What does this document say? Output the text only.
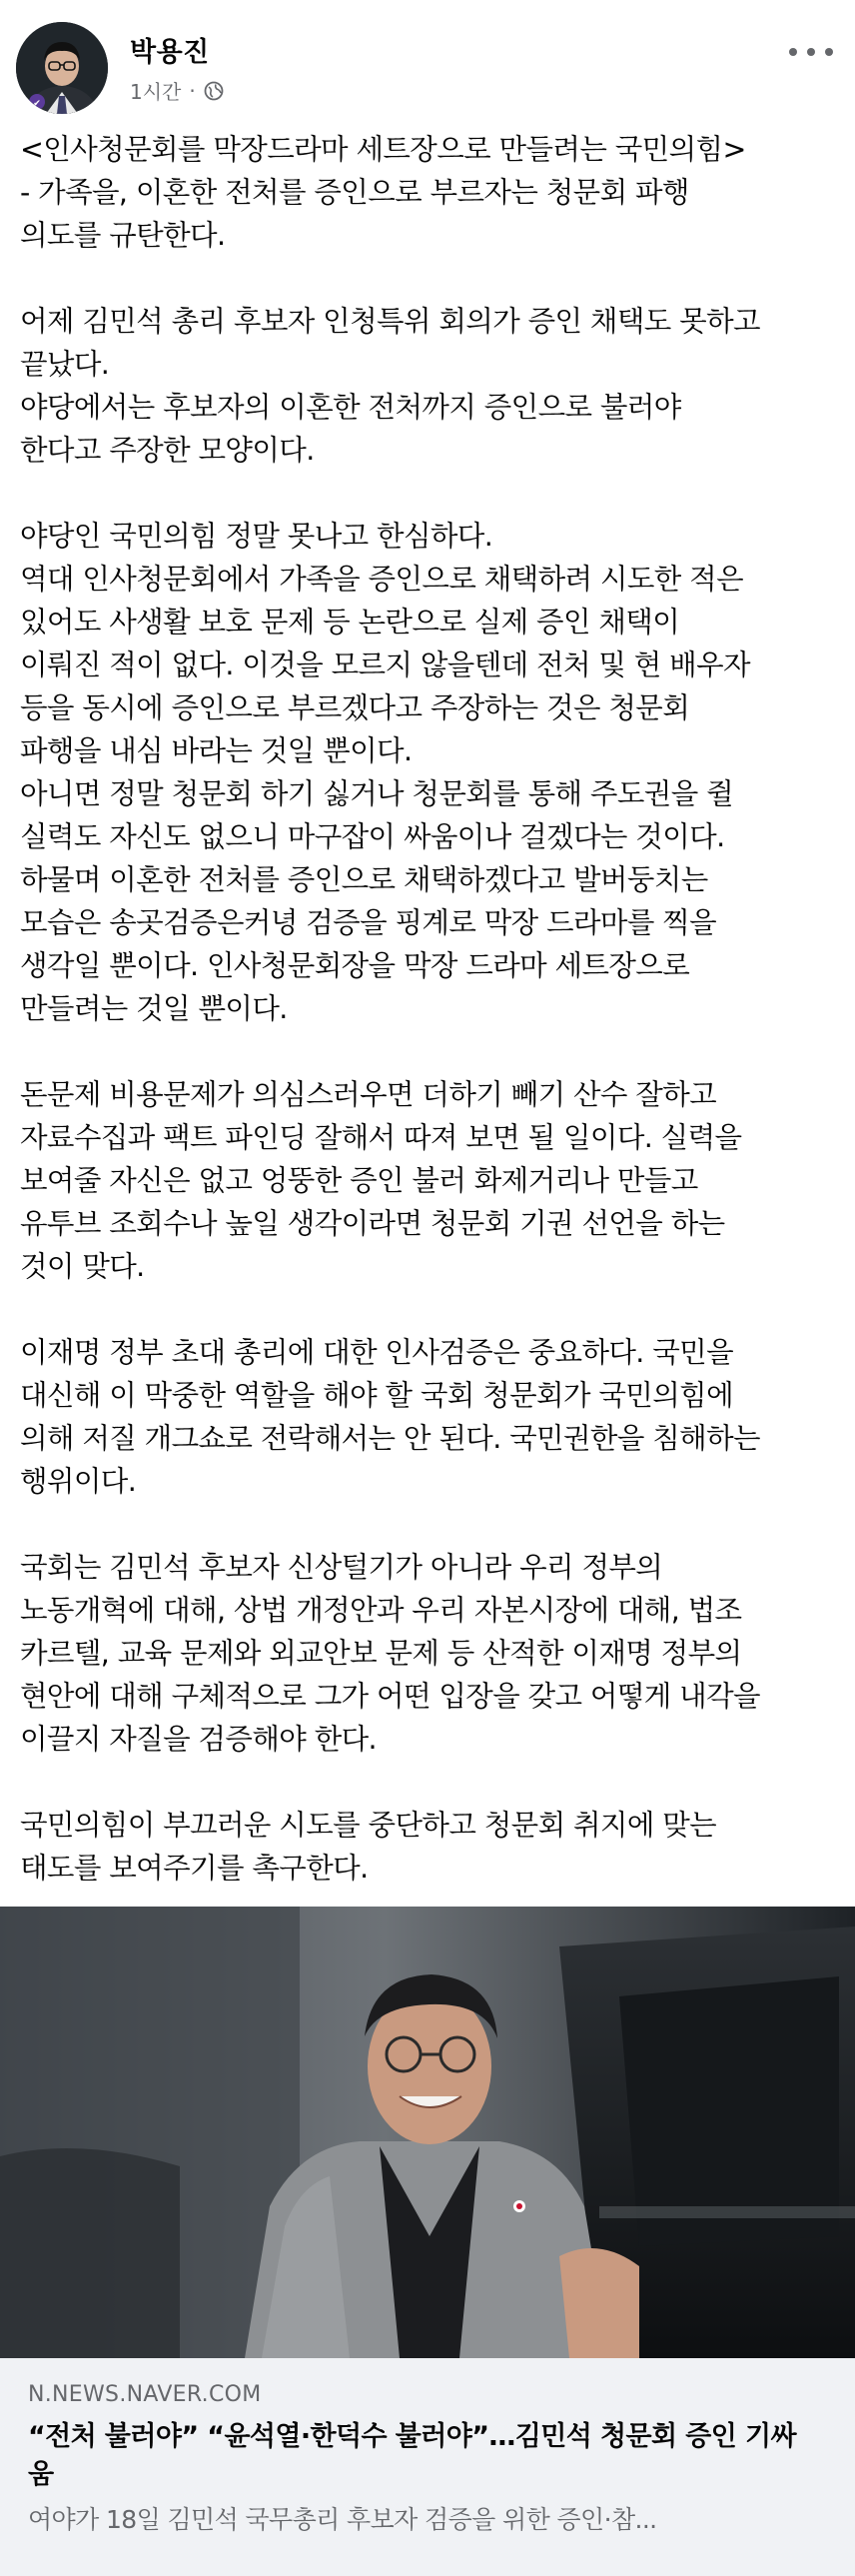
✔
박용진
1시간 ·

<인사청문회를 막장드라마 세트장으로 만들려는 국민의힘>

- 가족을, 이혼한 전처를 증인으로 부르자는 청문회 파행

의도를 규탄한다.

어제 김민석 총리 후보자 인청특위 회의가 증인 채택도 못하고

끝났다.

야당에서는 후보자의 이혼한 전처까지 증인으로 불러야

한다고 주장한 모양이다.

야당인 국민의힘 정말 못나고 한심하다.

역대 인사청문회에서 가족을 증인으로 채택하려 시도한 적은

있어도 사생활 보호 문제 등 논란으로 실제 증인 채택이

이뤄진 적이 없다. 이것을 모르지 않을텐데 전처 및 현 배우자

등을 동시에 증인으로 부르겠다고 주장하는 것은 청문회

파행을 내심 바라는 것일 뿐이다.

아니면 정말 청문회 하기 싫거나 청문회를 통해 주도권을 쥘

실력도 자신도 없으니 마구잡이 싸움이나 걸겠다는 것이다.

하물며 이혼한 전처를 증인으로 채택하겠다고 발버둥치는

모습은 송곳검증은커녕 검증을 핑계로 막장 드라마를 찍을

생각일 뿐이다. 인사청문회장을 막장 드라마 세트장으로

만들려는 것일 뿐이다.

돈문제 비용문제가 의심스러우면 더하기 빼기 산수 잘하고

자료수집과 팩트 파인딩 잘해서 따져 보면 될 일이다. 실력을

보여줄 자신은 없고 엉뚱한 증인 불러 화제거리나 만들고

유투브 조회수나 높일 생각이라면 청문회 기권 선언을 하는

것이 맞다.

이재명 정부 초대 총리에 대한 인사검증은 중요하다. 국민을

대신해 이 막중한 역할을 해야 할 국회 청문회가 국민의힘에

의해 저질 개그쇼로 전락해서는 안 된다. 국민권한을 침해하는

행위이다.

국회는 김민석 후보자 신상털기가 아니라 우리 정부의

노동개혁에 대해, 상법 개정안과 우리 자본시장에 대해, 법조

카르텔, 교육 문제와 외교안보 문제 등 산적한 이재명 정부의

현안에 대해 구체적으로 그가 어떤 입장을 갖고 어떻게 내각을

이끌지 자질을 검증해야 한다.

국민의힘이 부끄러운 시도를 중단하고 청문회 취지에 맞는

태도를 보여주기를 촉구한다.

N.NEWS.NAVER.COM
“전처 불러야” “윤석열·한덕수 불러야”…김민석 청문회 증인 기싸움
여야가 18일 김민석 국무총리 후보자 검증을 위한 증인·참...
